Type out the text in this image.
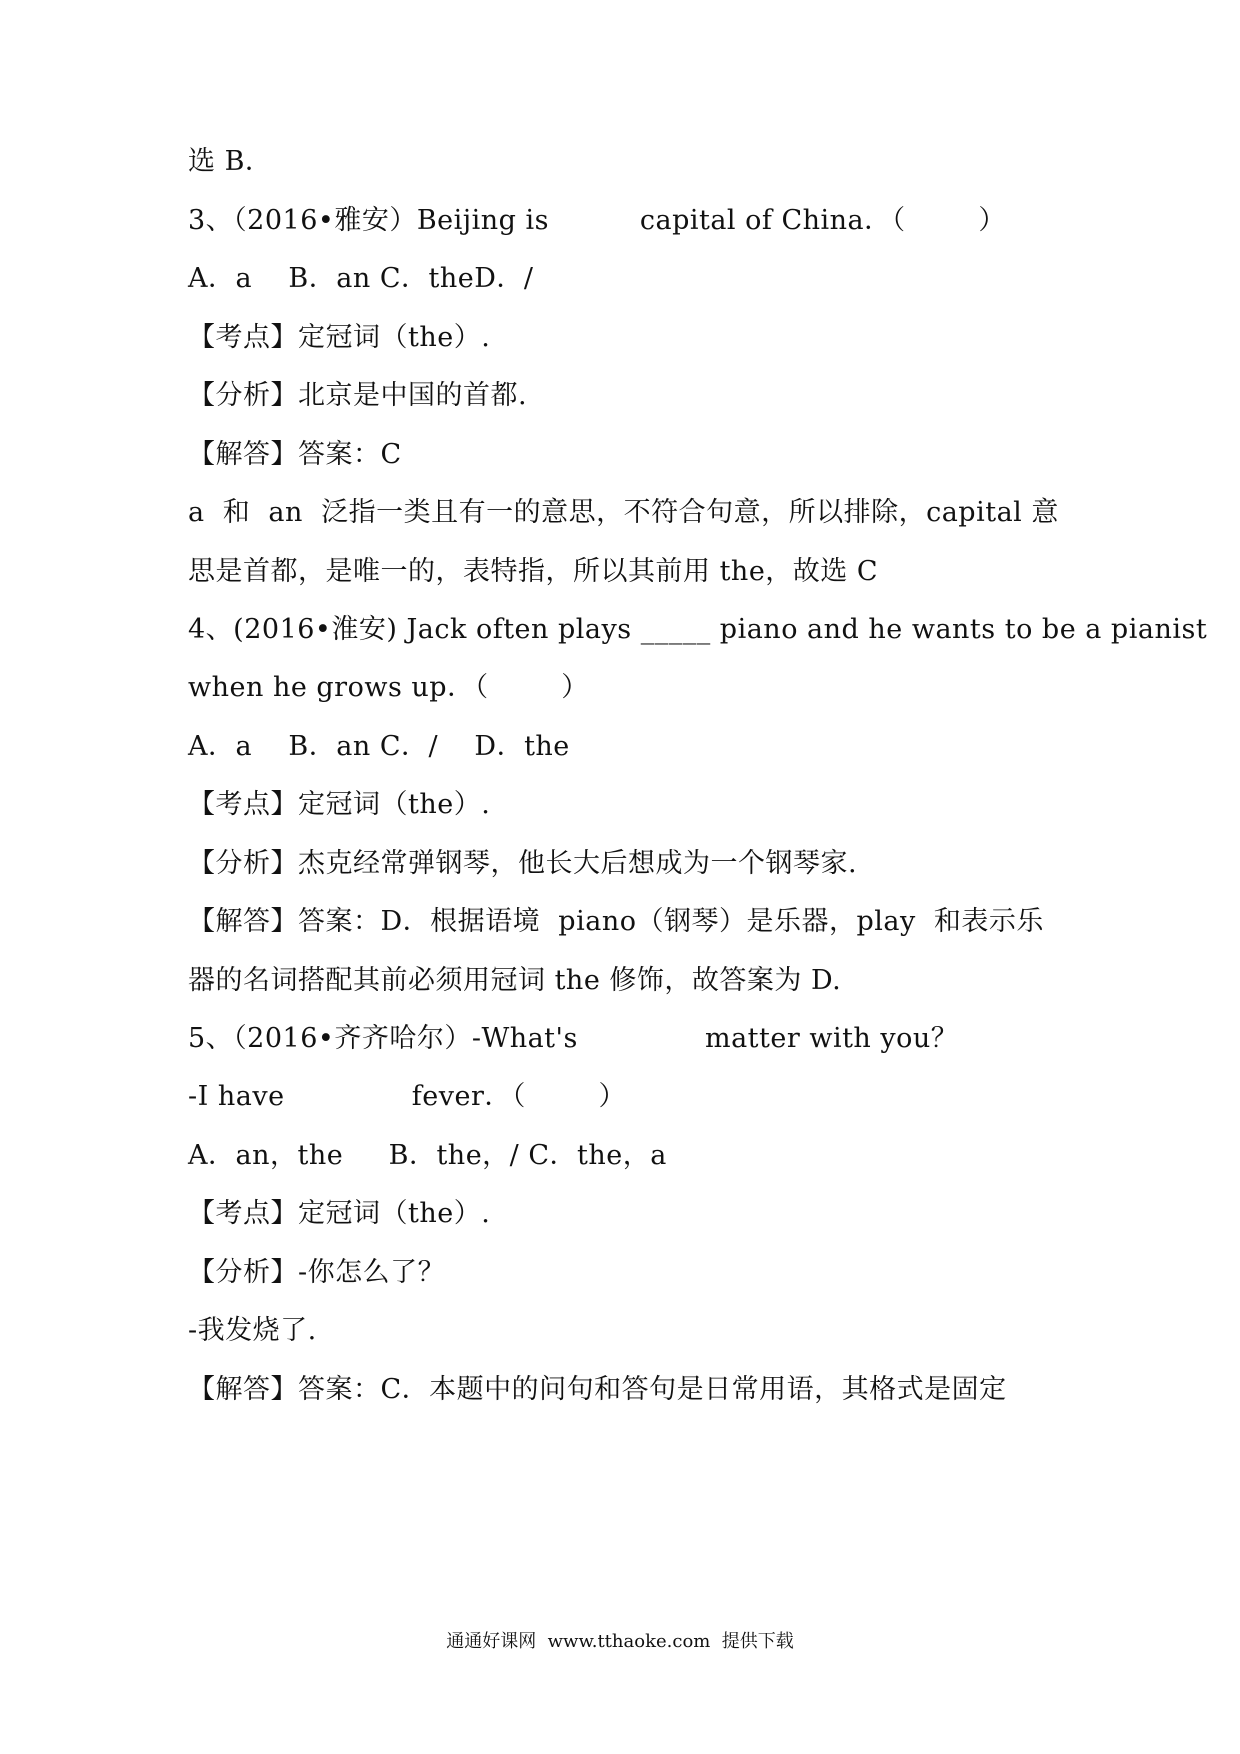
选 B．
3、（2016•雅安）Beijing is          capital of China．（        ）
A．a    B．an C．theD．/
【考点】定冠词（the）.
【分析】北京是中国的首都.
【解答】答案：C
a  和  an  泛指一类且有一的意思，不符合句意，所以排除，capital 意
思是首都，是唯一的，表特指，所以其前用 the，故选 C
4、(2016•淮安) Jack often plays _____ piano and he wants to be a pianist
when he grows up．（        ）
A．a    B．an C．/    D．the
【考点】定冠词（the）.
【分析】杰克经常弹钢琴，他长大后想成为一个钢琴家.
【解答】答案：D．根据语境  piano（钢琴）是乐器，play  和表示乐
器的名词搭配其前必须用冠词 the 修饰，故答案为 D.
5、（2016•齐齐哈尔）-What's              matter with you？
-I have              fever．（        ）
A．an，the     B．the，/ C．the，a
【考点】定冠词（the）.
【分析】-你怎么了？
-我发烧了.
【解答】答案：C．本题中的问句和答句是日常用语，其格式是固定
通通好课网  www.tthaoke.com  提供下载
